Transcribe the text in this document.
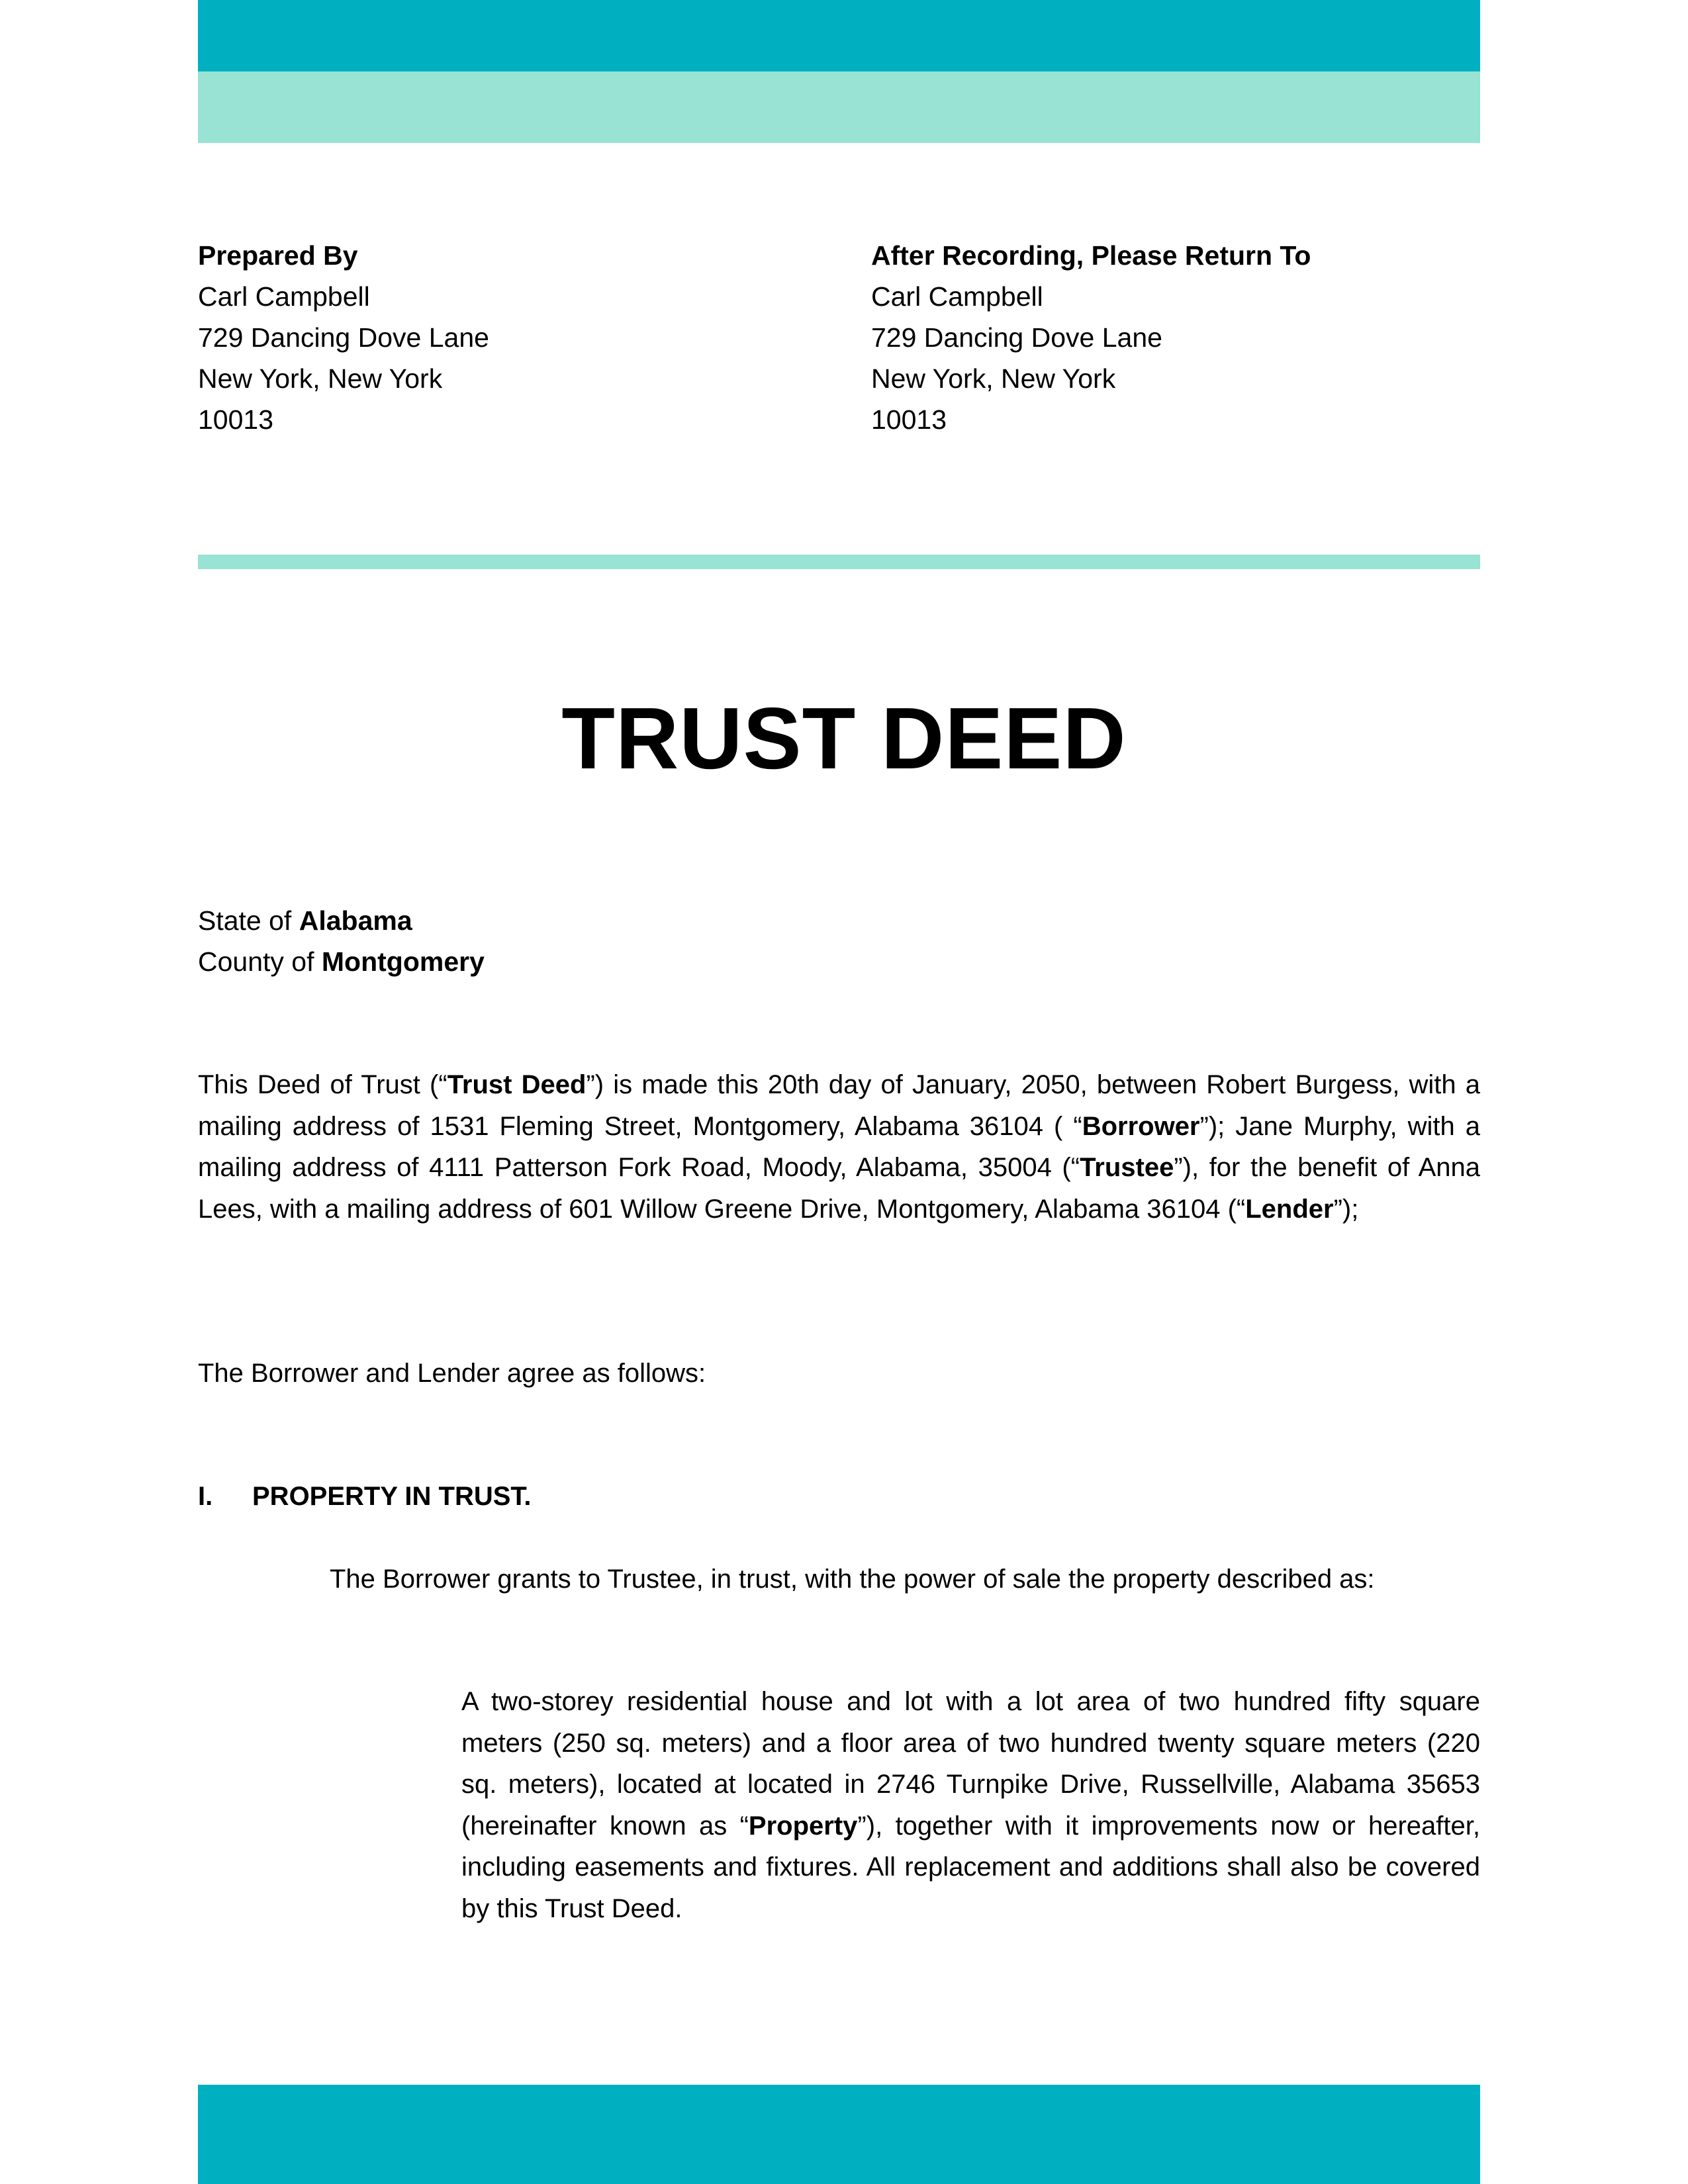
Prepared By
Carl Campbell
729 Dancing Dove Lane
New York, New York
10013
After Recording, Please Return To
Carl Campbell
729 Dancing Dove Lane
New York, New York
10013
TRUST DEED
State of Alabama
County of Montgomery
This Deed of Trust (“Trust Deed”) is made this 20th day of January, 2050, between Robert Burgess, with a mailing address of 1531 Fleming Street, Montgomery, Alabama 36104 ( “Borrower”); Jane Murphy, with a mailing address of 4111 Patterson Fork Road, Moody, Alabama, 35004 (“Trustee”), for the benefit of Anna Lees, with a mailing address of 601 Willow Greene Drive, Montgomery, Alabama 36104 (“Lender”);
The Borrower and Lender agree as follows:
I. PROPERTY IN TRUST.
The Borrower grants to Trustee, in trust, with the power of sale the property described as:
A two-storey residential house and lot with a lot area of two hundred fifty square meters (250 sq. meters) and a floor area of two hundred twenty square meters (220 sq. meters), located at located in 2746 Turnpike Drive, Russellville, Alabama 35653 (hereinafter known as “Property”), together with it improvements now or hereafter, including easements and fixtures. All replacement and additions shall also be covered by this Trust Deed.
